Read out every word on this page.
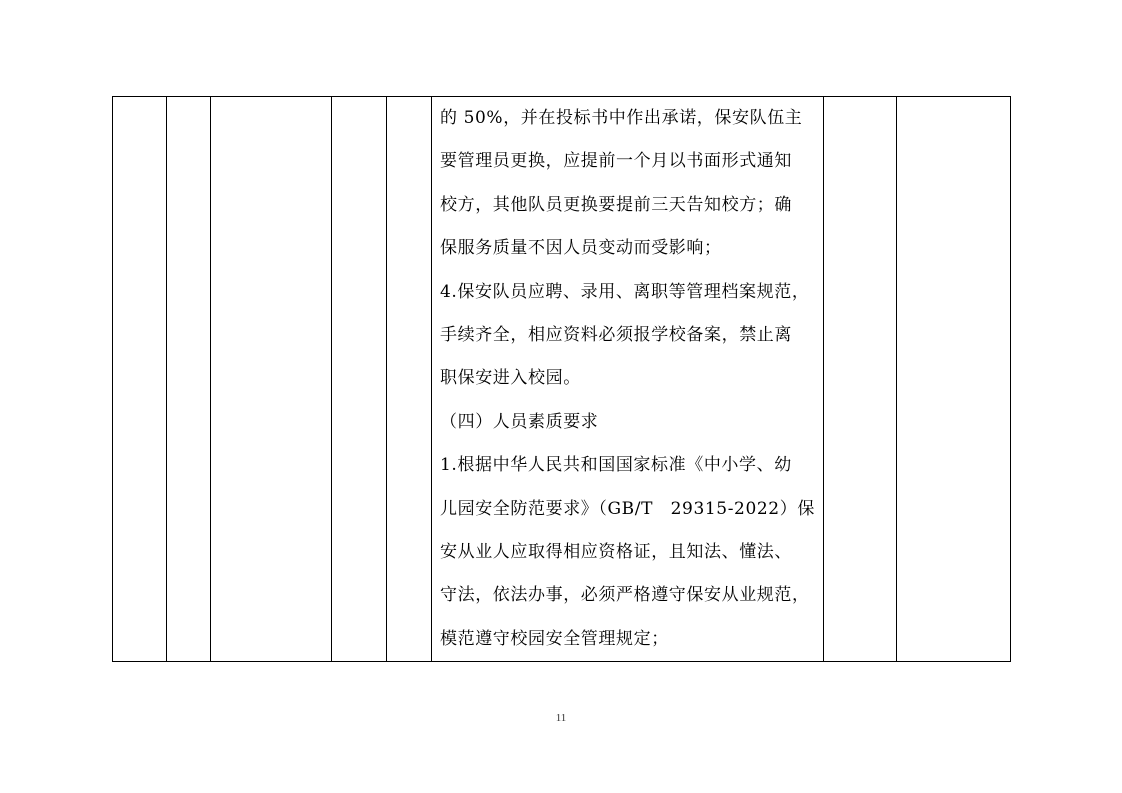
的 50%，并在投标书中作出承诺，保安队伍主
要管理员更换，应提前一个月以书面形式通知
校方，其他队员更换要提前三天告知校方；确
保服务质量不因人员变动而受影响；
4.保安队员应聘、录用、离职等管理档案规范，
手续齐全，相应资料必须报学校备案，禁止离
职保安进入校园。
（四）人员素质要求
1.根据中华人民共和国国家标准《中小学、幼
儿园安全防范要求》（GB/T　29315-2022）保
安从业人应取得相应资格证，且知法、懂法、
守法，依法办事，必须严格遵守保安从业规范，
模范遵守校园安全管理规定；

11
